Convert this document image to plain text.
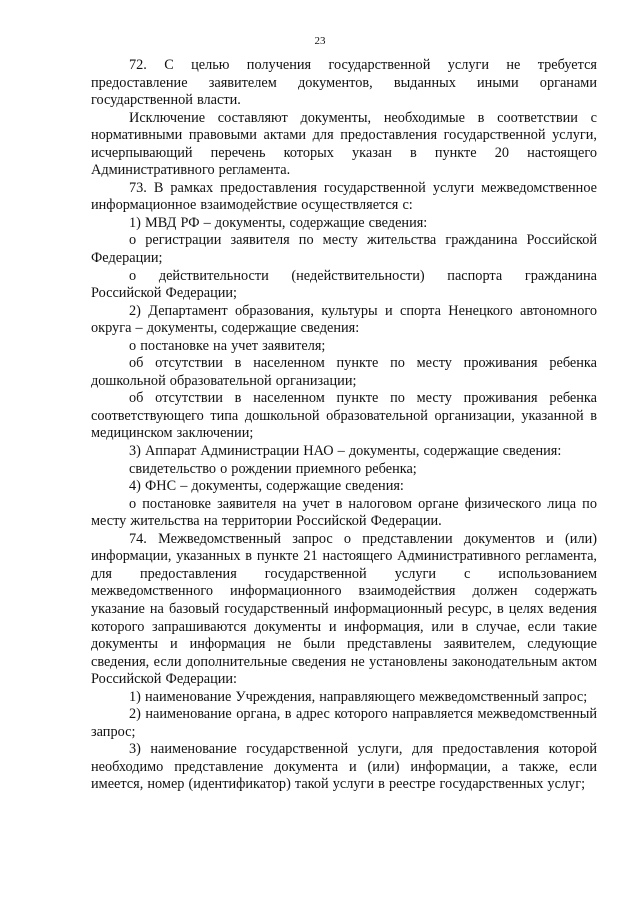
23

72. С целью получения государственной услуги не требуется предоставление заявителем документов, выданных иными органами государственной власти.

Исключение составляют документы, необходимые в соответствии с нормативными правовыми актами для предоставления государственной услуги, исчерпывающий перечень которых указан в пункте 20 настоящего Административного регламента.

73. В рамках предоставления государственной услуги межведомственное информационное взаимодействие осуществляется с:

1) МВД РФ – документы, содержащие сведения:

о регистрации заявителя по месту жительства гражданина Российской Федерации;

о действительности (недействительности) паспорта гражданина Российской Федерации;

2) Департамент образования, культуры и спорта Ненецкого автономного округа – документы, содержащие сведения:

о постановке на учет заявителя;

об отсутствии в населенном пункте по месту проживания ребенка дошкольной образовательной организации;

об отсутствии в населенном пункте по месту проживания ребенка соответствующего типа дошкольной образовательной организации, указанной в медицинском заключении;

3) Аппарат Администрации НАО – документы, содержащие сведения:

свидетельство о рождении приемного ребенка;

4) ФНС – документы, содержащие сведения:

о постановке заявителя на учет в налоговом органе физического лица по месту жительства на территории Российской Федерации.

74. Межведомственный запрос о представлении документов и (или) информации, указанных в пункте 21 настоящего Административного регламента, для предоставления государственной услуги с использованием межведомственного информационного взаимодействия должен содержать указание на базовый государственный информационный ресурс, в целях ведения которого запрашиваются документы и информация, или в случае, если такие документы и информация не были представлены заявителем, следующие сведения, если дополнительные сведения не установлены законодательным актом Российской Федерации:

1) наименование Учреждения, направляющего межведомственный запрос;

2) наименование органа, в адрес которого направляется межведомственный запрос;

3) наименование государственной услуги, для предоставления которой необходимо представление документа и (или) информации, а также, если имеется, номер (идентификатор) такой услуги в реестре государственных услуг;
